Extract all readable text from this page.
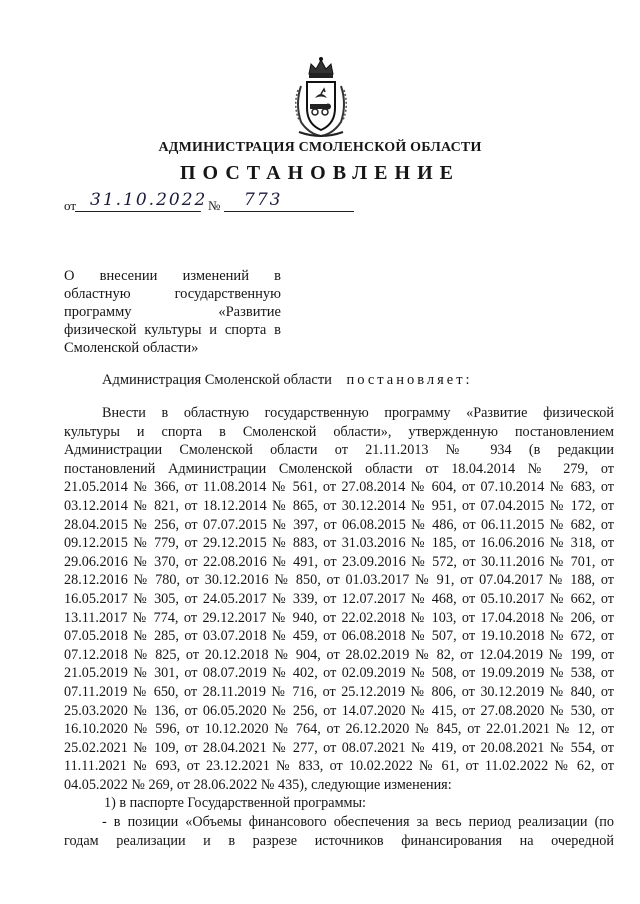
АДМИНИСТРАЦИЯ СМОЛЕНСКОЙ ОБЛАСТИ
ПОСТАНОВЛЕНИЕ
от 31.10.2022 № 773
О внесении изменений в
областную государственную
программу «Развитие
физической культуры и спорта в
Смоленской области»
Администрация Смоленской области постановляет:
Внести в областную государственную программу «Развитие физической
культуры и спорта в Смоленской области», утвержденную постановлением
Администрации Смоленской области от 21.11.2013 № 934 (в редакции
постановлений Администрации Смоленской области от 18.04.2014 № 279, от
21.05.2014 № 366, от 11.08.2014 № 561, от 27.08.2014 № 604, от 07.10.2014 № 683, от
03.12.2014 № 821, от 18.12.2014 № 865, от 30.12.2014 № 951, от 07.04.2015 № 172, от
28.04.2015 № 256, от 07.07.2015 № 397, от 06.08.2015 № 486, от 06.11.2015 № 682, от
09.12.2015 № 779, от 29.12.2015 № 883, от 31.03.2016 № 185, от 16.06.2016 № 318, от
29.06.2016 № 370, от 22.08.2016 № 491, от 23.09.2016 № 572, от 30.11.2016 № 701, от
28.12.2016 № 780, от 30.12.2016 № 850, от 01.03.2017 № 91, от 07.04.2017 № 188, от
16.05.2017 № 305, от 24.05.2017 № 339, от 12.07.2017 № 468, от 05.10.2017 № 662, от
13.11.2017 № 774, от 29.12.2017 № 940, от 22.02.2018 № 103, от 17.04.2018 № 206, от
07.05.2018 № 285, от 03.07.2018 № 459, от 06.08.2018 № 507, от 19.10.2018 № 672, от
07.12.2018 № 825, от 20.12.2018 № 904, от 28.02.2019 № 82, от 12.04.2019 № 199, от
21.05.2019 № 301, от 08.07.2019 № 402, от 02.09.2019 № 508, от 19.09.2019 № 538, от
07.11.2019 № 650, от 28.11.2019 № 716, от 25.12.2019 № 806, от 30.12.2019 № 840, от
25.03.2020 № 136, от 06.05.2020 № 256, от 14.07.2020 № 415, от 27.08.2020 № 530, от
16.10.2020 № 596, от 10.12.2020 № 764, от 26.12.2020 № 845, от 22.01.2021 № 12, от
25.02.2021 № 109, от 28.04.2021 № 277, от 08.07.2021 № 419, от 20.08.2021 № 554, от
11.11.2021 № 693, от 23.12.2021 № 833, от 10.02.2022 № 61, от 11.02.2022 № 62, от
04.05.2022 № 269, от 28.06.2022 № 435), следующие изменения:
1) в паспорте Государственной программы:
- в позиции «Объемы финансового обеспечения за весь период реализации (по
годам реализации и в разрезе источников финансирования на очередной
